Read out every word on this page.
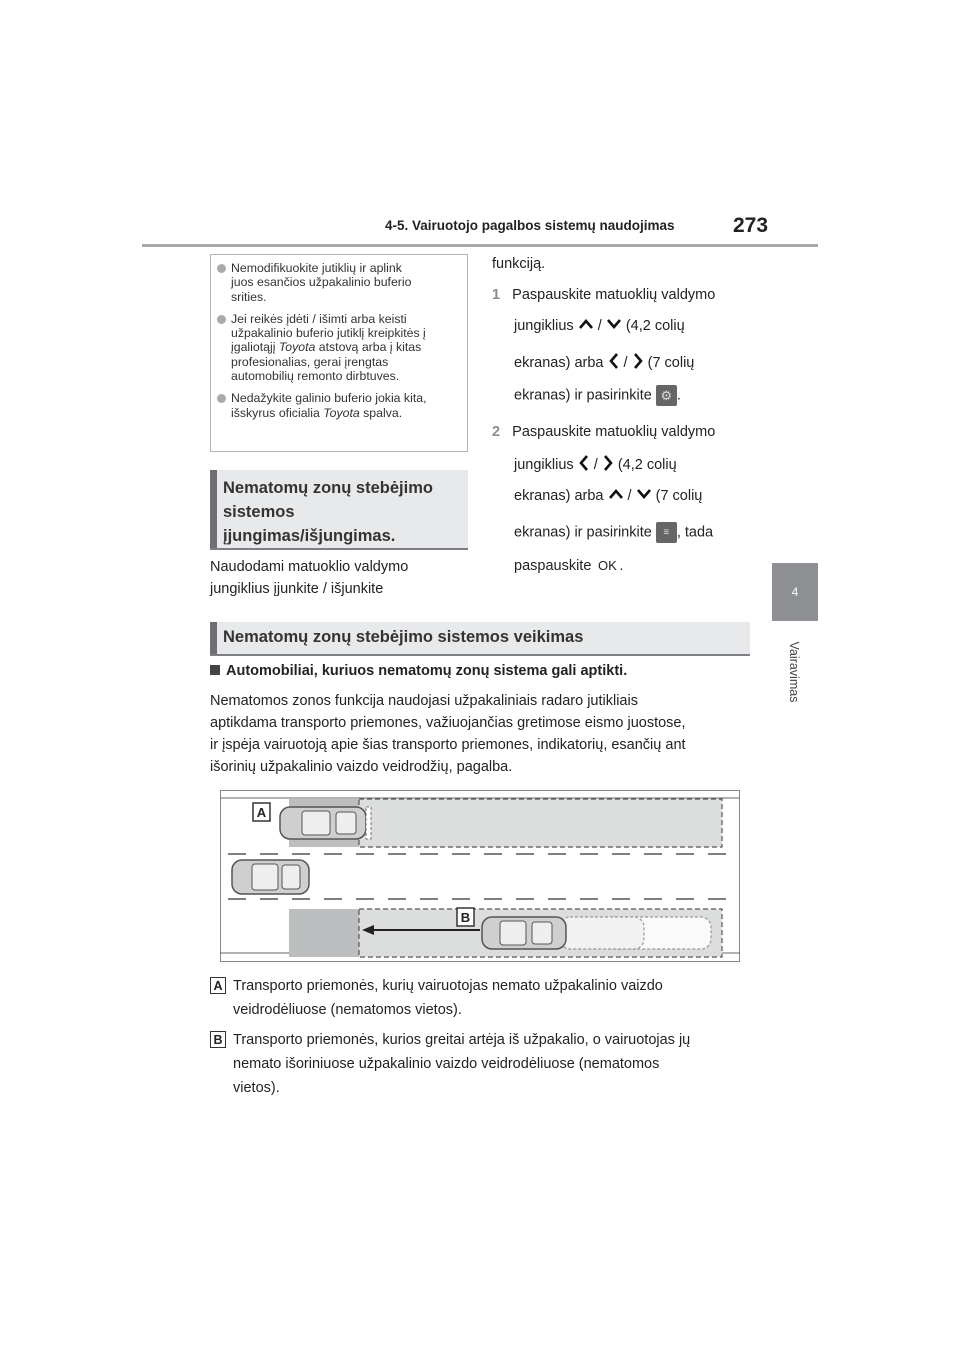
4-5. Vairuotojo pagalbos sistemų naudojimas	273
4
Vairavimas
Nemodifikuokite jutiklių ir aplink
juos esančios užpakalinio buferio
srities.
Jei reikės įdėti / išimti arba keisti
užpakalinio buferio jutiklį kreipkitės į
įgaliotąjį Toyota atstovą arba į kitas
profesionalias, gerai įrengtas
automobilių remonto dirbtuves.
Nedažykite galinio buferio jokia kita,
išskyrus oficialia Toyota spalva.
Nematomų zonų stebėjimo
sistemos
įjungimas/išjungimas.
Naudodami matuoklio valdymo
jungiklius įjunkite / išjunkite
funkciją.
1 Paspauskite matuoklių valdymo
jungiklius / (4,2 colių
ekranas) arba / (7 colių
ekranas) ir pasirinkite ⚙ .
2 Paspauskite matuoklių valdymo
jungiklius / (4,2 colių
ekranas) arba / (7 colių
ekranas) ir pasirinkite ≡ , tada
paspauskite OK .
Nematomų zonų stebėjimo sistemos veikimas
Automobiliai, kuriuos nematomų zonų sistema gali aptikti.
Nematomos zonos funkcija naudojasi užpakaliniais radaro jutikliais
aptikdama transporto priemones, važiuojančias gretimose eismo juostose,
ir įspėja vairuotoją apie šias transporto priemones, indikatorių, esančių ant
išorinių užpakalinio vaizdo veidrodžių, pagalba.
A
B
A Transporto priemonės, kurių vairuotojas nemato užpakalinio vaizdo
veidrodėliuose (nematomos vietos).
B Transporto priemonės, kurios greitai artėja iš užpakalio, o vairuotojas jų
nemato išoriniuose užpakalinio vaizdo veidrodėliuose (nematomos
vietos).
